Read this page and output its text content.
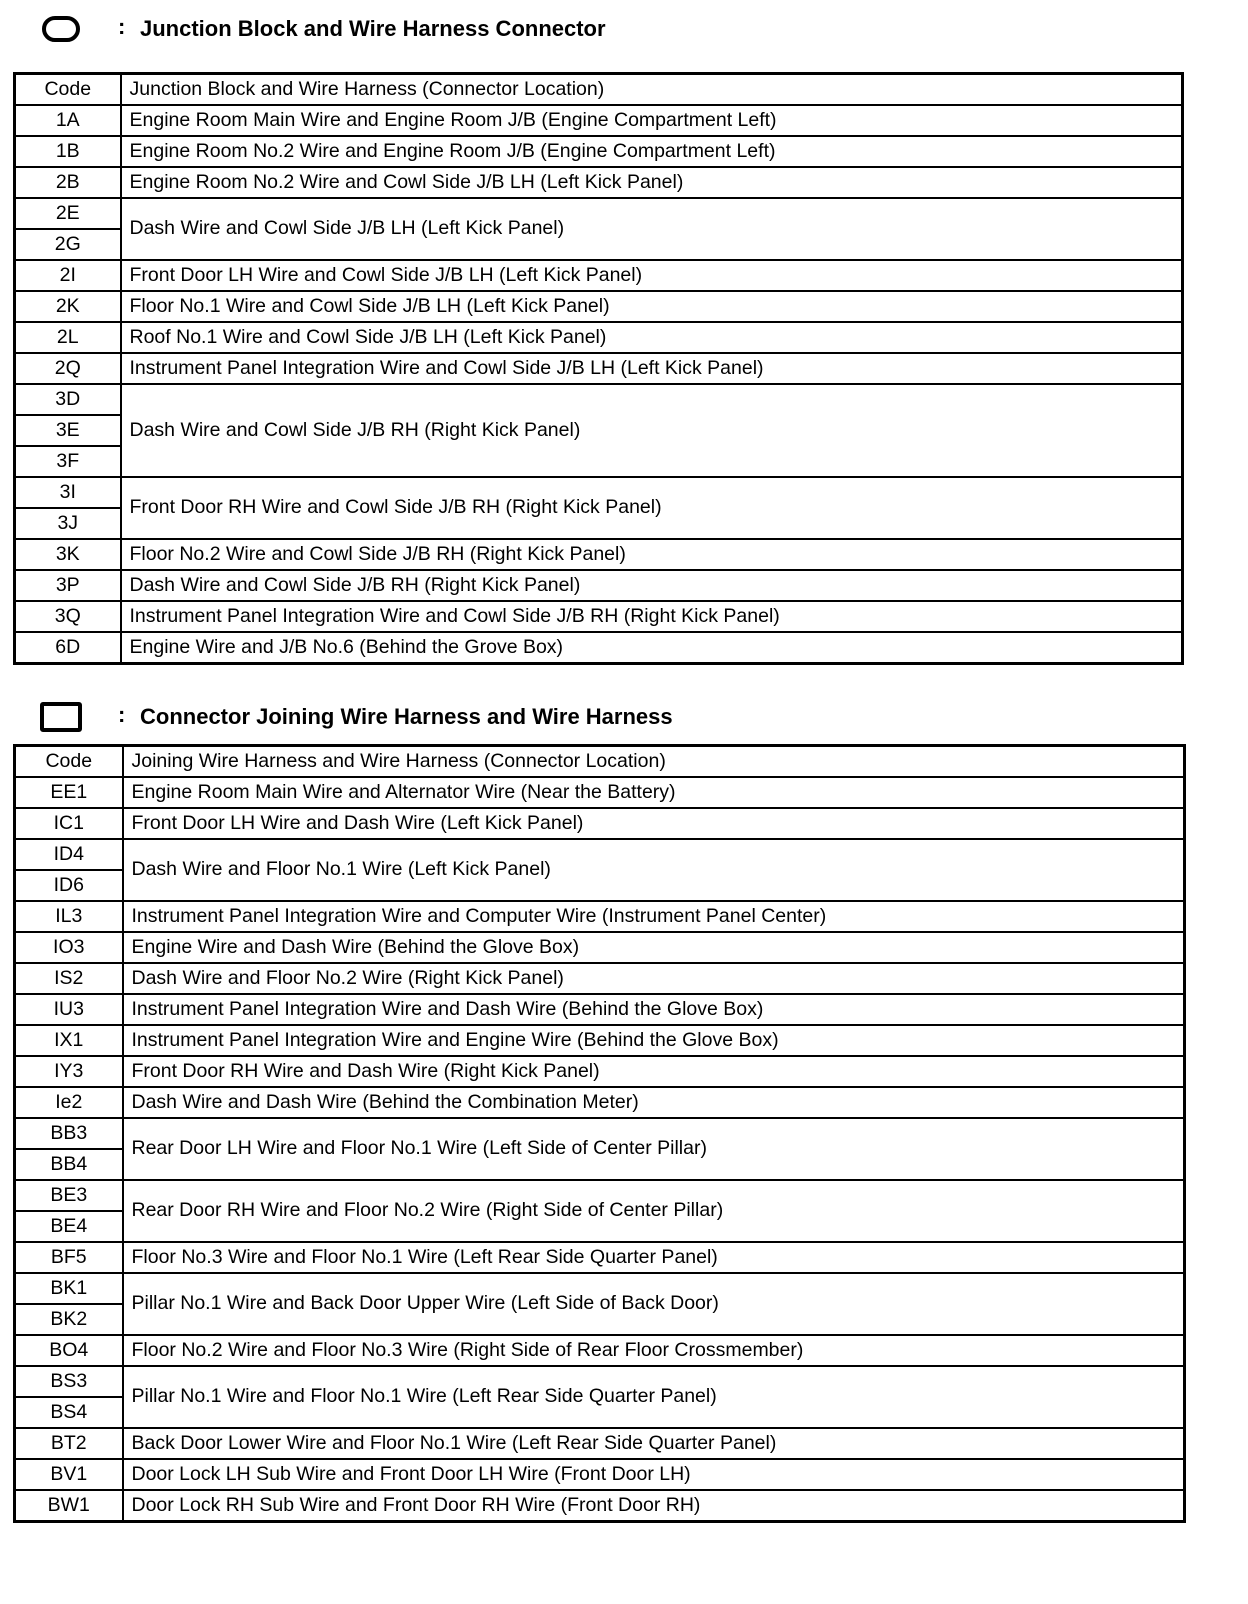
: Junction Block and Wire Harness Connector
Code	Junction Block and Wire Harness (Connector Location)
1A	Engine Room Main Wire and Engine Room J/B (Engine Compartment Left)
1B	Engine Room No.2 Wire and Engine Room J/B (Engine Compartment Left)
2B	Engine Room No.2 Wire and Cowl Side J/B LH (Left Kick Panel)
2E	Dash Wire and Cowl Side J/B LH (Left Kick Panel)
2G	
2I	Front Door LH Wire and Cowl Side J/B LH (Left Kick Panel)
2K	Floor No.1 Wire and Cowl Side J/B LH (Left Kick Panel)
2L	Roof No.1 Wire and Cowl Side J/B LH (Left Kick Panel)
2Q	Instrument Panel Integration Wire and Cowl Side J/B LH (Left Kick Panel)
3D	Dash Wire and Cowl Side J/B RH (Right Kick Panel)
3E	
3F	
3I	Front Door RH Wire and Cowl Side J/B RH (Right Kick Panel)
3J	
3K	Floor No.2 Wire and Cowl Side J/B RH (Right Kick Panel)
3P	Dash Wire and Cowl Side J/B RH (Right Kick Panel)
3Q	Instrument Panel Integration Wire and Cowl Side J/B RH (Right Kick Panel)
6D	Engine Wire and J/B No.6 (Behind the Grove Box)
: Connector Joining Wire Harness and Wire Harness
Code	Joining Wire Harness and Wire Harness (Connector Location)
EE1	Engine Room Main Wire and Alternator Wire (Near the Battery)
IC1	Front Door LH Wire and Dash Wire (Left Kick Panel)
ID4	Dash Wire and Floor No.1 Wire (Left Kick Panel)
ID6	
IL3	Instrument Panel Integration Wire and Computer Wire (Instrument Panel Center)
IO3	Engine Wire and Dash Wire (Behind the Glove Box)
IS2	Dash Wire and Floor No.2 Wire (Right Kick Panel)
IU3	Instrument Panel Integration Wire and Dash Wire (Behind the Glove Box)
IX1	Instrument Panel Integration Wire and Engine Wire (Behind the Glove Box)
IY3	Front Door RH Wire and Dash Wire (Right Kick Panel)
Ie2	Dash Wire and Dash Wire (Behind the Combination Meter)
BB3	Rear Door LH Wire and Floor No.1 Wire (Left Side of Center Pillar)
BB4	
BE3	Rear Door RH Wire and Floor No.2 Wire (Right Side of Center Pillar)
BE4	
BF5	Floor No.3 Wire and Floor No.1 Wire (Left Rear Side Quarter Panel)
BK1	Pillar No.1 Wire and Back Door Upper Wire (Left Side of Back Door)
BK2	
BO4	Floor No.2 Wire and Floor No.3 Wire (Right Side of Rear Floor Crossmember)
BS3	Pillar No.1 Wire and Floor No.1 Wire (Left Rear Side Quarter Panel)
BS4	
BT2	Back Door Lower Wire and Floor No.1 Wire (Left Rear Side Quarter Panel)
BV1	Door Lock LH Sub Wire and Front Door LH Wire (Front Door LH)
BW1	Door Lock RH Sub Wire and Front Door RH Wire (Front Door RH)
